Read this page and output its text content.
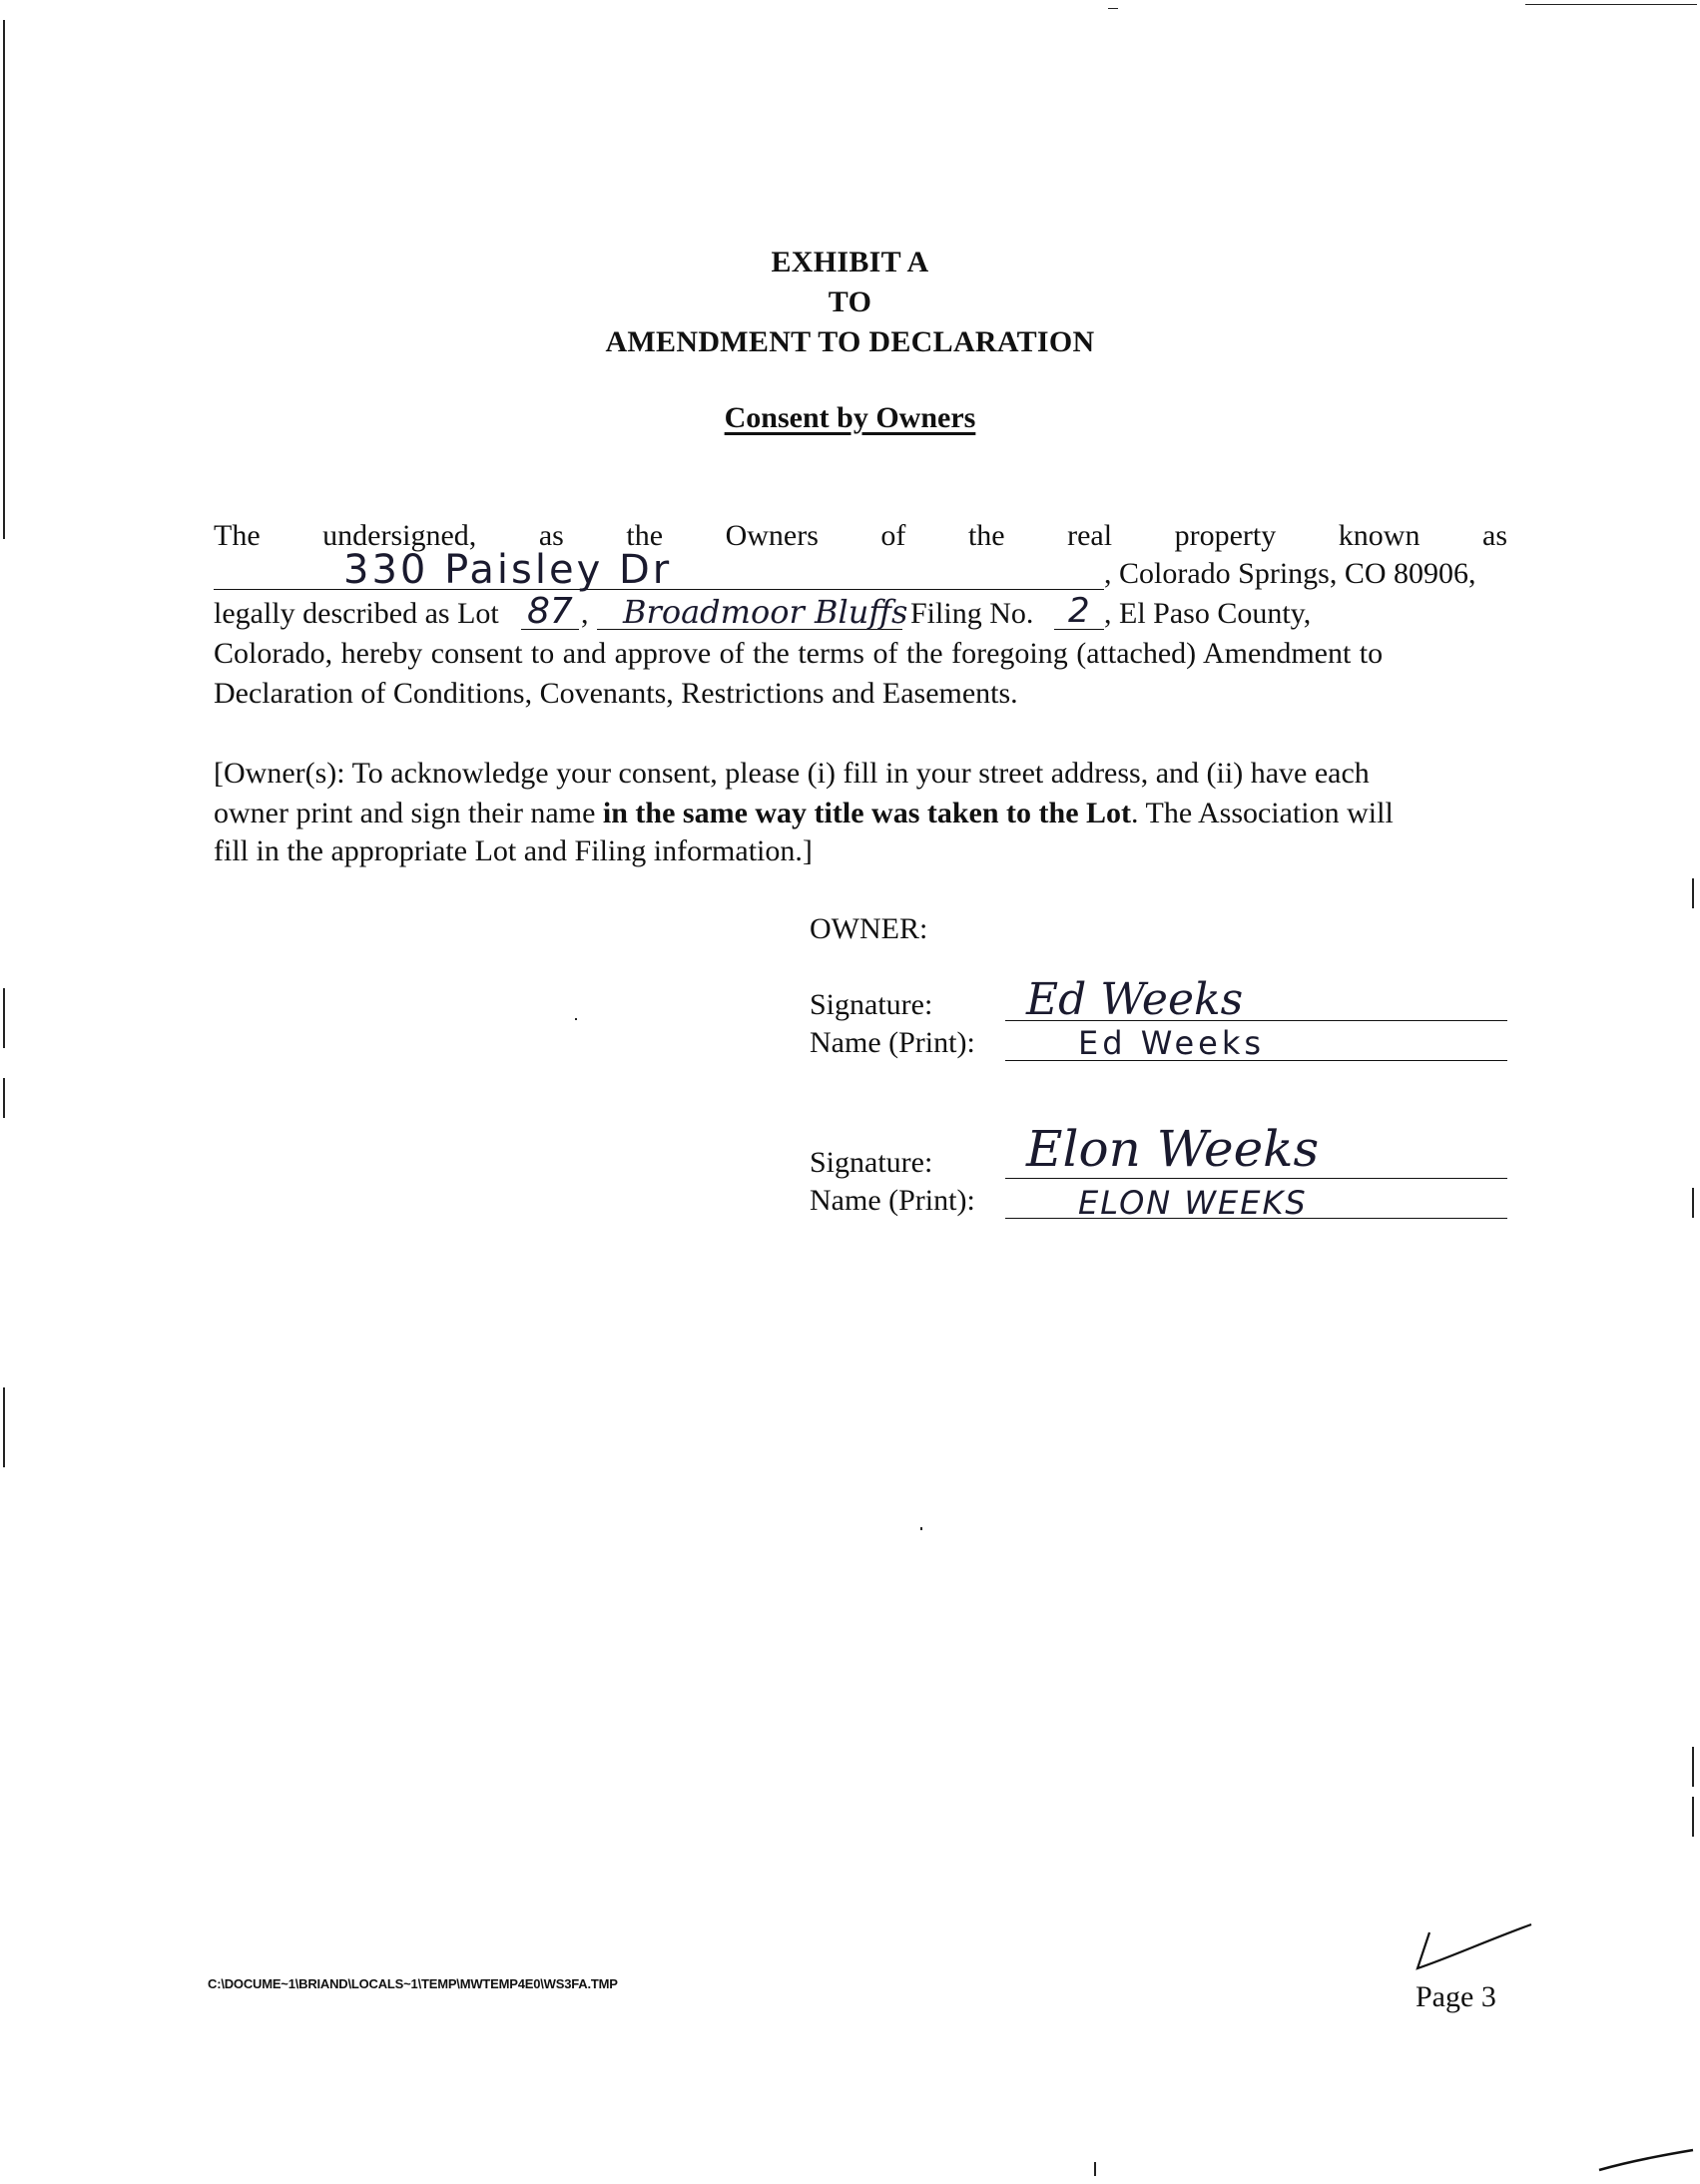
EXHIBIT A
TO
AMENDMENT TO DECLARATION
Consent by Owners
The undersigned, as the Owners of the real property known as
330 Paisley Dr	, Colorado Springs, CO 80906,
legally described as Lot 87 , Broadmoor Bluffs Filing No. 2 , El Paso County,
Colorado, hereby consent to and approve of the terms of the foregoing (attached) Amendment to
Declaration of Conditions, Covenants, Restrictions and Easements.
[Owner(s): To acknowledge your consent, please (i) fill in your street address, and (ii) have each
owner print and sign their name in the same way title was taken to the Lot. The Association will
fill in the appropriate Lot and Filing information.]
OWNER:
Signature: Ed Weeks
Name (Print):	Ed Weeks
Signature: Elon Weeks
Name (Print):	ELON WEEKS
C:\DOCUME~1\BRIAND\LOCALS~1\TEMP\MWTEMP4E0\WS3FA.TMP	Page 3
